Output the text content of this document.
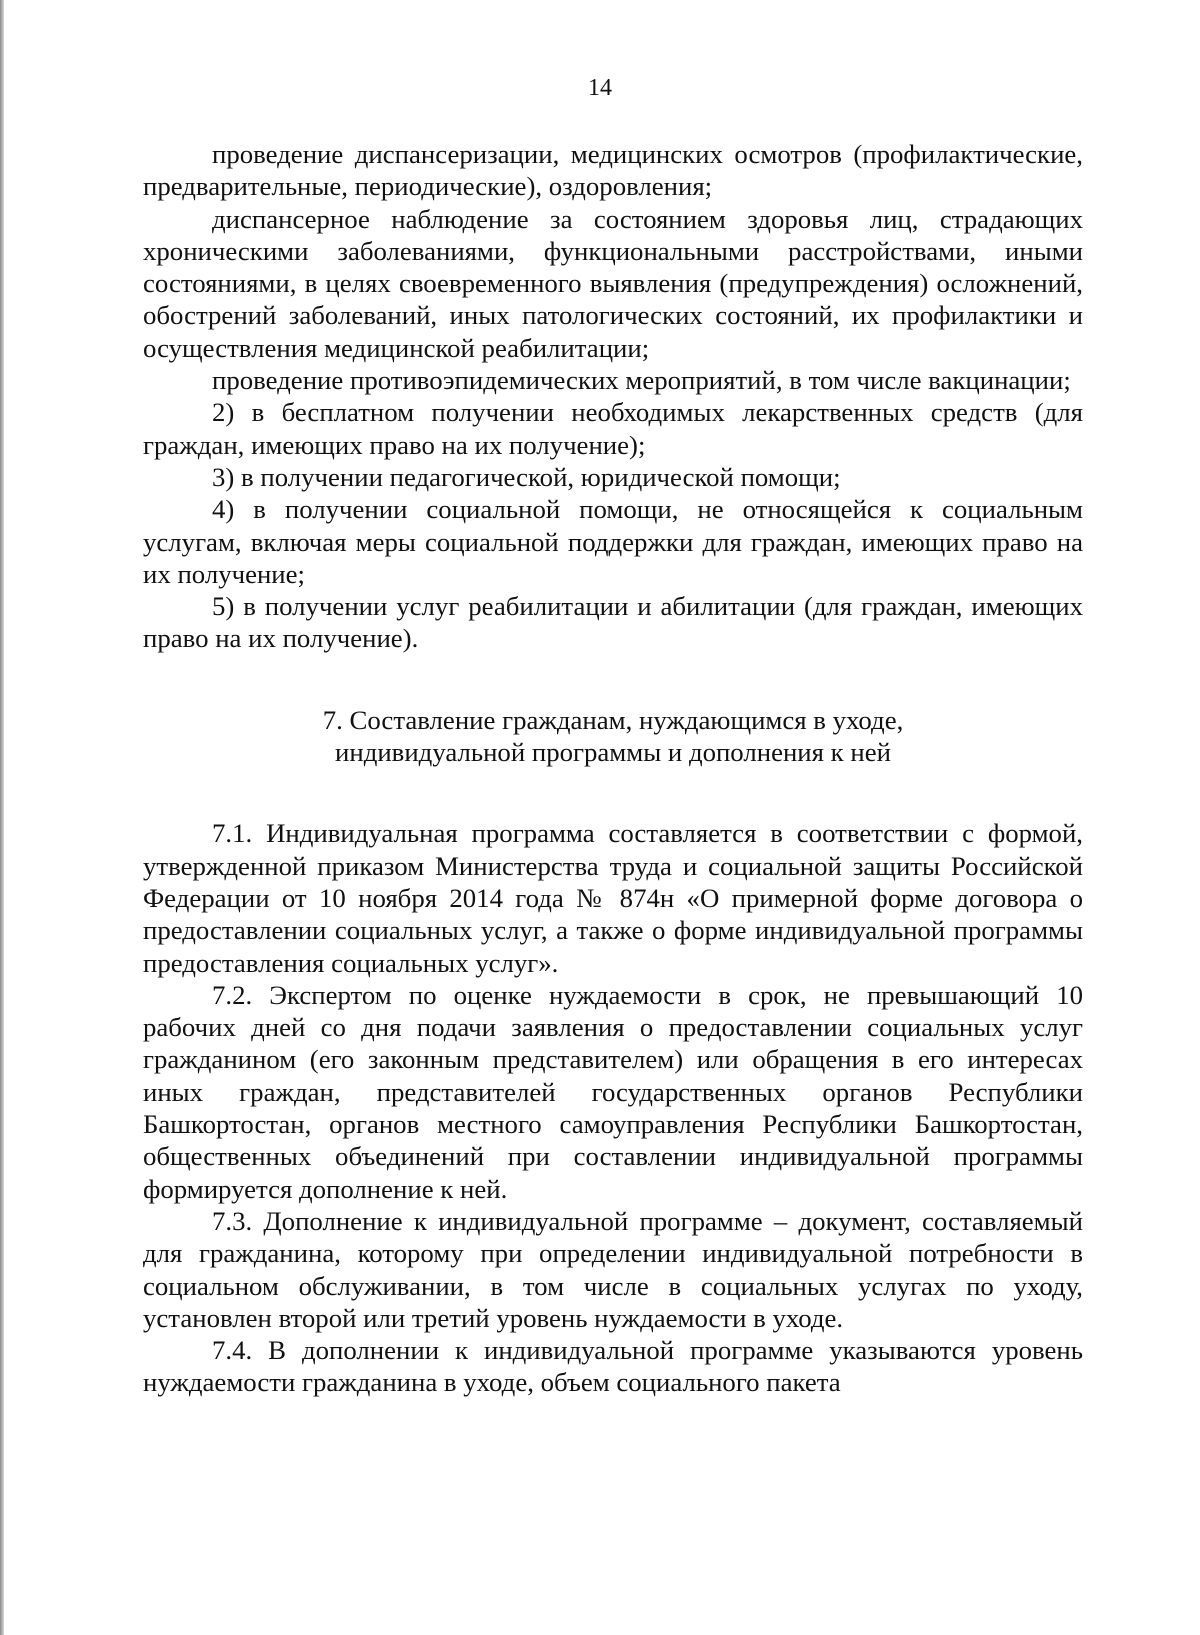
14

проведение диспансеризации, медицинских осмотров (профилактические, предварительные, периодические), оздоровления;

диспансерное наблюдение за состоянием здоровья лиц, страдающих хроническими заболеваниями, функциональными расстройствами, иными состояниями, в целях своевременного выявления (предупреждения) осложнений, обострений заболеваний, иных патологических состояний, их профилактики и осуществления медицинской реабилитации;

проведение противоэпидемических мероприятий, в том числе вакцинации;

2) в бесплатном получении необходимых лекарственных средств (для граждан, имеющих право на их получение);

3) в получении педагогической, юридической помощи;

4) в получении социальной помощи, не относящейся к социальным услугам, включая меры социальной поддержки для граждан, имеющих право на их получение;

5) в получении услуг реабилитации и абилитации (для граждан, имеющих право на их получение).

7. Составление гражданам, нуждающимся в уходе,
индивидуальной программы и дополнения к ней

7.1. Индивидуальная программа составляется в соответствии с формой, утвержденной приказом Министерства труда и социальной защиты Российской Федерации от 10 ноября 2014 года № 874н «О примерной форме договора о предоставлении социальных услуг, а также о форме индивидуальной программы предоставления социальных услуг».

7.2. Экспертом по оценке нуждаемости в срок, не превышающий 10 рабочих дней со дня подачи заявления о предоставлении социальных услуг гражданином (его законным представителем) или обращения в его интересах иных граждан, представителей государственных органов Республики Башкортостан, органов местного самоуправления Республики Башкортостан, общественных объединений при составлении индивидуальной программы формируется дополнение к ней.

7.3. Дополнение к индивидуальной программе – документ, составляемый для гражданина, которому при определении индивидуальной потребности в социальном обслуживании, в том числе в социальных услугах по уходу, установлен второй или третий уровень нуждаемости в уходе.

7.4. В дополнении к индивидуальной программе указываются уровень нуждаемости гражданина в уходе, объем социального пакета
